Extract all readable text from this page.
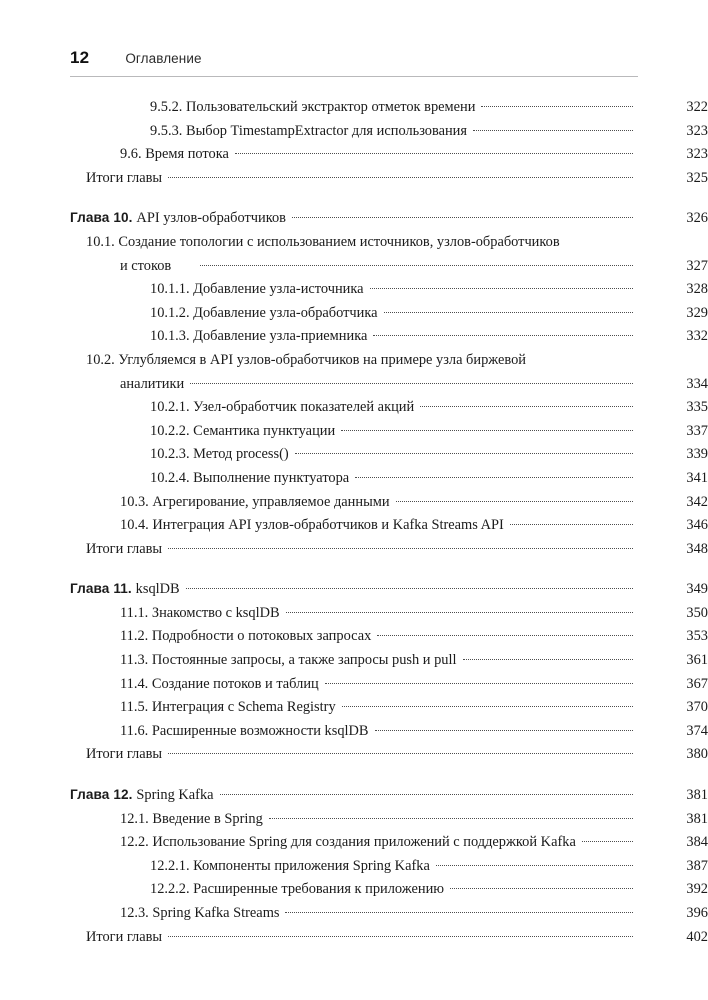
12	Оглавление
9.5.2. Пользовательский экстрактор отметок времени	322
9.5.3. Выбор TimestampExtractor для использования	323
9.6. Время потока	323
Итоги главы	325
Глава 10. API узлов-обработчиков	326
10.1. Создание топологии с использованием источников, узлов-обработчиков
и стоков	327
10.1.1. Добавление узла-источника	328
10.1.2. Добавление узла-обработчика	329
10.1.3. Добавление узла-приемника	332
10.2. Углубляемся в API узлов-обработчиков на примере узла биржевой
аналитики	334
10.2.1. Узел-обработчик показателей акций	335
10.2.2. Семантика пунктуации	337
10.2.3. Метод process()	339
10.2.4. Выполнение пунктуатора	341
10.3. Агрегирование, управляемое данными	342
10.4. Интеграция API узлов-обработчиков и Kafka Streams API	346
Итоги главы	348
Глава 11. ksqlDB	349
11.1. Знакомство с ksqlDB	350
11.2. Подробности о потоковых запросах	353
11.3. Постоянные запросы, а также запросы push и pull	361
11.4. Создание потоков и таблиц	367
11.5. Интеграция с Schema Registry	370
11.6. Расширенные возможности ksqlDB	374
Итоги главы	380
Глава 12. Spring Kafka	381
12.1. Введение в Spring	381
12.2. Использование Spring для создания приложений с поддержкой Kafka	384
12.2.1. Компоненты приложения Spring Kafka	387
12.2.2. Расширенные требования к приложению	392
12.3. Spring Kafka Streams	396
Итоги главы	402
